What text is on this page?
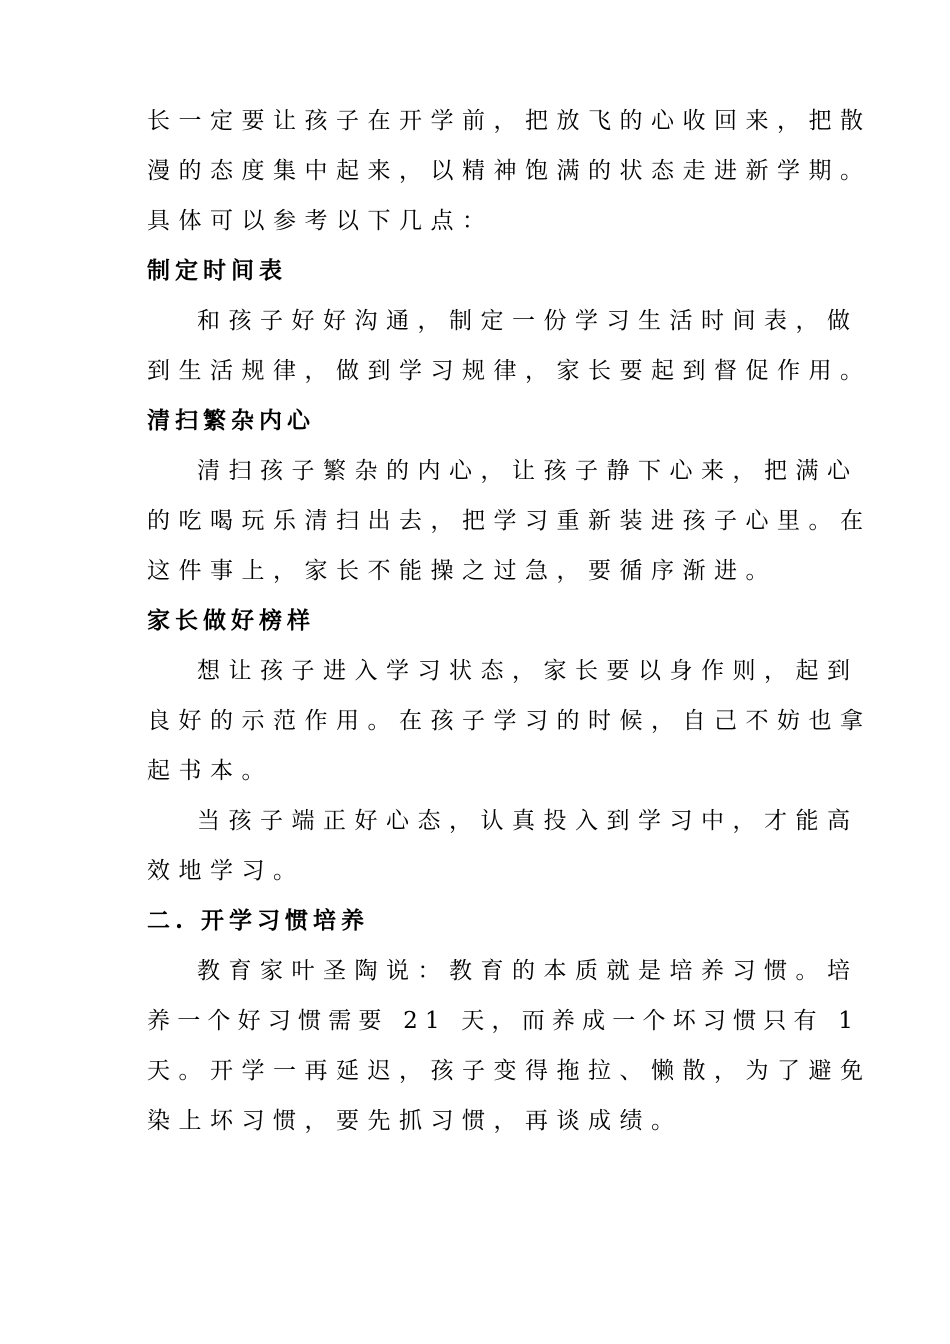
长一定要让孩子在开学前，把放飞的心收回来，把散
漫的态度集中起来，以精神饱满的状态走进新学期。
具体可以参考以下几点：
制定时间表
和孩子好好沟通，制定一份学习生活时间表，做
到生活规律，做到学习规律，家长要起到督促作用。
清扫繁杂内心
清扫孩子繁杂的内心，让孩子静下心来，把满心
的吃喝玩乐清扫出去，把学习重新装进孩子心里。在
这件事上，家长不能操之过急，要循序渐进。
家长做好榜样
想让孩子进入学习状态，家长要以身作则，起到
良好的示范作用。在孩子学习的时候，自己不妨也拿
起书本。
当孩子端正好心态，认真投入到学习中，才能高
效地学习。
二. 开学习惯培养
教育家叶圣陶说：教育的本质就是培养习惯。培
养一个好习惯需要 21 天，而养成一个坏习惯只有 1
天。开学一再延迟，孩子变得拖拉、懒散，为了避免
染上坏习惯，要先抓习惯，再谈成绩。
